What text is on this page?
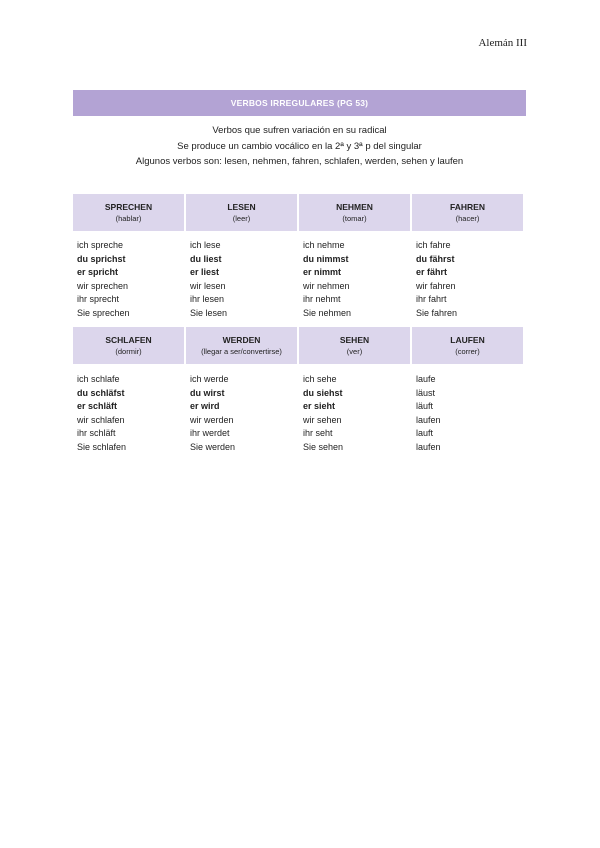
Alemán III
VERBOS IRREGULARES (PG 53)
Verbos que sufren variación en su radical
Se produce un cambio vocálico en la 2ª y 3ª p del singular
Algunos verbos son: lesen, nehmen, fahren, schlafen, werden, sehen y laufen
SPRECHEN
(hablar)
LESEN
(leer)
NEHMEN
(tomar)
FAHREN
(hacer)
ich spreche
du sprichst
er spricht
wir sprechen
ihr sprecht
Sie sprechen
ich lese
du liest
er liest
wir lesen
ihr lesen
Sie lesen
ich nehme
du nimmst
er nimmt
wir nehmen
ihr nehmt
Sie nehmen
ich fahre
du fährst
er fährt
wir fahren
ihr fahrt
Sie fahren
SCHLAFEN
(dormir)
WERDEN
(llegar a ser/convertirse)
SEHEN
(ver)
LAUFEN
(correr)
ich schlafe
du schläfst
er schläft
wir schlafen
ihr schläft
Sie schlafen
ich werde
du wirst
er wird
wir werden
ihr werdet
Sie werden
ich sehe
du siehst
er sieht
wir sehen
ihr seht
Sie sehen
laufe
läust
läuft
laufen
lauft
laufen
